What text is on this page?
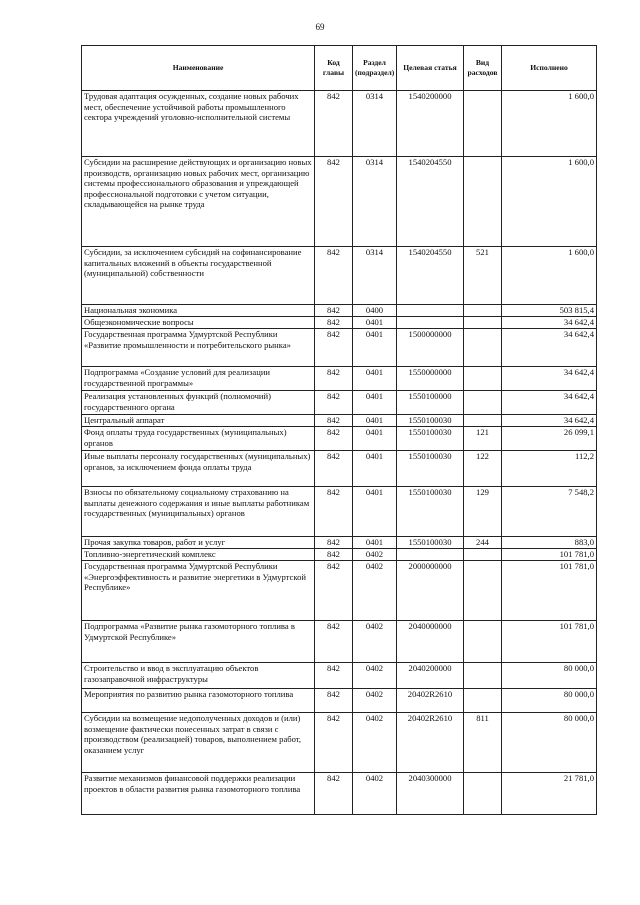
69
Наименование	Код главы	Раздел (подраздел)	Целевая статья	Вид расходов	Исполнено
Трудовая адаптация осужденных, создание новых рабочих мест, обеспечение устойчивой работы промышленного сектора учреждений уголовно-исполнительной системы	842	0314	1540200000		1 600,0
Субсидии на расширение действующих и организацию новых производств, организацию новых рабочих мест, организацию системы профессионального образования и упреждающей профессиональной подготовки с учетом ситуации, складывающейся на рынке труда	842	0314	1540204550		1 600,0
Субсидии, за исключением субсидий на софинансирование капитальных вложений в объекты государственной (муниципальной) собственности	842	0314	1540204550	521	1 600,0
Национальная экономика	842	0400			503 815,4
Общеэкономические вопросы	842	0401			34 642,4
Государственная программа Удмуртской Республики «Развитие промышленности и потребительского рынка»	842	0401	1500000000		34 642,4
Подпрограмма «Создание условий для реализации государственной программы»	842	0401	1550000000		34 642,4
Реализация установленных функций (полномочий) государственного органа	842	0401	1550100000		34 642,4
Центральный аппарат	842	0401	1550100030		34 642,4
Фонд оплаты труда государственных (муниципальных) органов	842	0401	1550100030	121	26 099,1
Иные выплаты персоналу государственных (муниципальных) органов, за исключением фонда оплаты труда	842	0401	1550100030	122	112,2
Взносы по обязательному социальному страхованию на выплаты денежного содержания и иные выплаты работникам государственных (муниципальных) органов	842	0401	1550100030	129	7 548,2
Прочая закупка товаров, работ и услуг	842	0401	1550100030	244	883,0
Топливно-энергетический комплекс	842	0402			101 781,0
Государственная программа Удмуртской Республики «Энергоэффективность и развитие энергетики в Удмуртской Республике»	842	0402	2000000000		101 781,0
Подпрограмма «Развитие рынка газомоторного топлива в Удмуртской Республике»	842	0402	2040000000		101 781,0
Строительство и ввод в эксплуатацию объектов газозаправочной инфраструктуры	842	0402	2040200000		80 000,0
Мероприятия по развитию рынка газомоторного топлива	842	0402	20402R2610		80 000,0
Субсидии на возмещение недополученных доходов и (или) возмещение фактически понесенных затрат в связи с производством (реализацией) товаров, выполнением работ, оказанием услуг	842	0402	20402R2610	811	80 000,0
Развитие механизмов финансовой поддержки реализации проектов в области развития рынка газомоторного топлива	842	0402	2040300000		21 781,0
